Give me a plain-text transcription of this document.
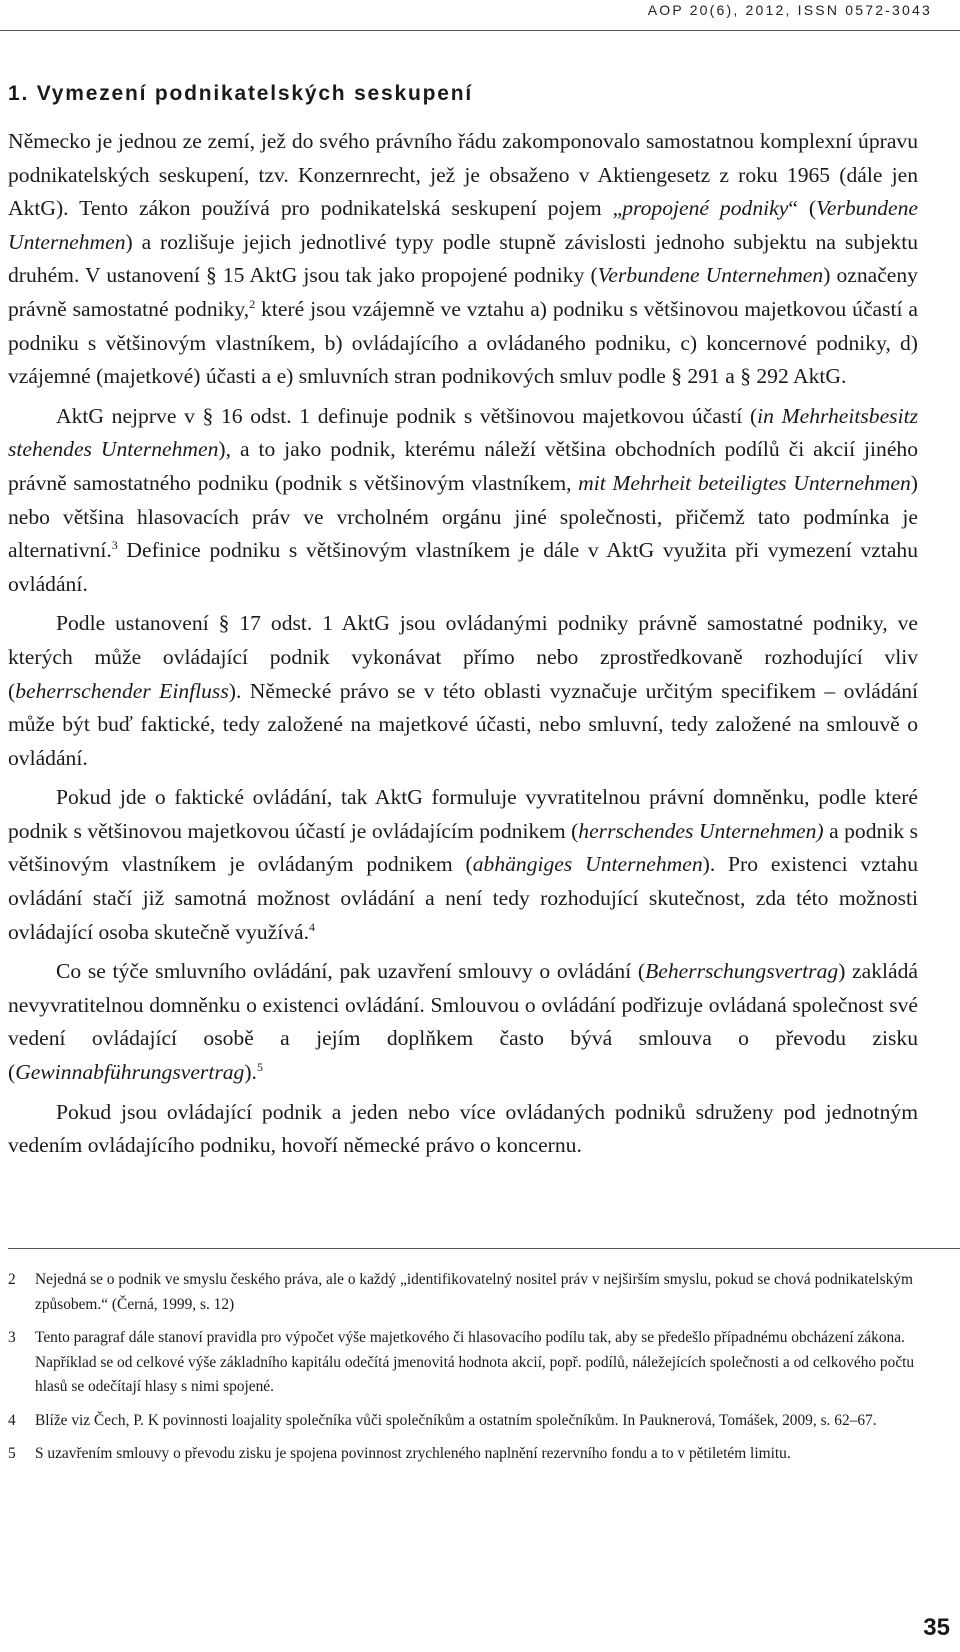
AOP 20(6), 2012, ISSN 0572-3043
1. Vymezení podnikatelských seskupení

Německo je jednou ze zemí, jež do svého právního řádu zakomponovalo samostatnou komplexní úpravu podnikatelských seskupení, tzv. Konzernrecht, jež je obsaženo v Aktiengesetz z roku 1965 (dále jen AktG). Tento zákon používá pro podnikatelská seskupení pojem „propojené podniky“ (Verbundene Unternehmen) a rozlišuje jejich jednotlivé typy podle stupně závislosti jednoho subjektu na subjektu druhém. V ustanovení § 15 AktG jsou tak jako propojené podniky (Verbundene Unternehmen) označeny právně samostatné podniky,$^2$ které jsou vzájemně ve vztahu a) podniku s většinovou majetkovou účastí a podniku s většinovým vlastníkem, b) ovládajícího a ovládaného podniku, c) koncernové podniky, d) vzájemné (majetkové) účasti a e) smluvních stran podnikových smluv podle § 291 a § 292 AktG.

AktG nejprve v § 16 odst. 1 definuje podnik s většinovou majetkovou účastí (in Mehrheitsbesitz stehendes Unternehmen), a to jako podnik, kterému náleží většina obchodních podílů či akcií jiného právně samostatného podniku (podnik s většinovým vlastníkem, mit Mehrheit beteiligtes Unternehmen) nebo většina hlasovacích práv ve vrcholném orgánu jiné společnosti, přičemž tato podmínka je alternativní.$^3$ Definice podniku s většinovým vlastníkem je dále v AktG využita při vymezení vztahu ovládání.

Podle ustanovení § 17 odst. 1 AktG jsou ovládanými podniky právně samostatné podniky, ve kterých může ovládající podnik vykonávat přímo nebo zprostředkovaně rozhodující vliv (beherrschender Einfluss). Německé právo se v této oblasti vyznačuje určitým specifikem – ovládání může být buď faktické, tedy založené na majetkové účasti, nebo smluvní, tedy založené na smlouvě o ovládání.

Pokud jde o faktické ovládání, tak AktG formuluje vyvratitelnou právní domněnku, podle které podnik s většinovou majetkovou účastí je ovládajícím podnikem (herrschendes Unternehmen) a podnik s většinovým vlastníkem je ovládaným podnikem (abhängiges Unternehmen). Pro existenci vztahu ovládání stačí již samotná možnost ovládání a není tedy rozhodující skutečnost, zda této možnosti ovládající osoba skutečně využívá.$^4$

Co se týče smluvního ovládání, pak uzavření smlouvy o ovládání (Beherrschungsvertrag) zakládá nevyvratitelnou domněnku o existenci ovládání. Smlouvou o ovládání podřizuje ovládaná společnost své vedení ovládající osobě a jejím doplňkem často bývá smlouva o převodu zisku (Gewinnabführungsvertrag).$^5$

Pokud jsou ovládající podnik a jeden nebo více ovládaných podniků sdruženy pod jednotným vedením ovládajícího podniku, hovoří německé právo o koncernu.

2	Nejedná se o podnik ve smyslu českého práva, ale o každý „identifikovatelný nositel práv v nejširším smyslu, pokud se chová podnikatelským způsobem.“ (Černá, 1999, s. 12)
3	Tento paragraf dále stanoví pravidla pro výpočet výše majetkového či hlasovacího podílu tak, aby se předešlo případnému obcházení zákona. Například se od celkové výše základního kapitálu odečítá jmenovitá hodnota akcií, popř. podílů, náležejících společnosti a od celkového počtu hlasů se odečítají hlasy s nimi spojené.
4	Blíže viz Čech, P. K povinnosti loajality společníka vůči společníkům a ostatním společníkům. In Pauknerová, Tomášek, 2009, s. 62–67.
5	S uzavřením smlouvy o převodu zisku je spojena povinnost zrychleného naplnění rezervního fondu a to v pětiletém limitu.
35
